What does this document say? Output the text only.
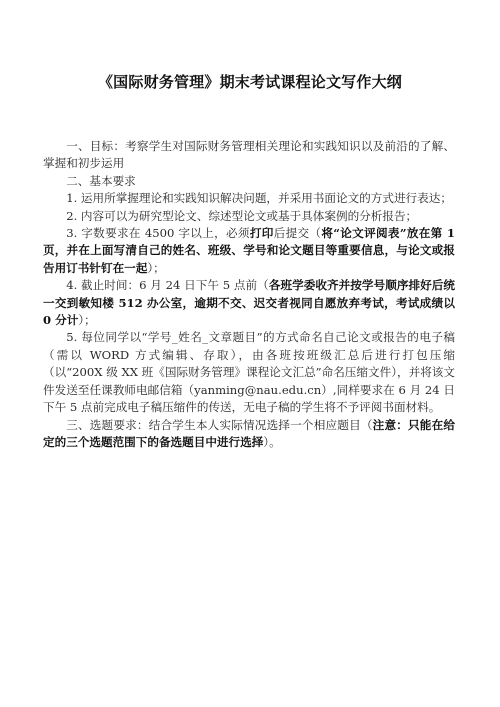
《国际财务管理》期末考试课程论文写作大纲

一、目标：考察学生对国际财务管理相关理论和实践知识以及前沿的了解、掌握和初步运用

二、基本要求

1. 运用所掌握理论和实践知识解决问题，并采用书面论文的方式进行表达；

2. 内容可以为研究型论文、综述型论文或基于具体案例的分析报告；

3. 字数要求在 4500 字以上，必须打印后提交（将“论文评阅表”放在第 1 页，并在上面写清自己的姓名、班级、学号和论文题目等重要信息，与论文或报告用订书针钉在一起）；

4. 截止时间：6 月 24 日下午 5 点前（各班学委收齐并按学号顺序排好后统一交到敏知楼 512 办公室，逾期不交、迟交者视同自愿放弃考试，考试成绩以 0 分计）；

5. 每位同学以“学号_姓名_文章题目”的方式命名自己论文或报告的电子稿（需以 WORD 方式编辑、存取），由各班按班级汇总后进行打包压缩（以“200X 级 XX 班《国际财务管理》课程论文汇总”命名压缩文件），并将该文件发送至任课教师电邮信箱（yanming@nau.edu.cn）,同样要求在 6 月 24 日下午 5 点前完成电子稿压缩件的传送，无电子稿的学生将不予评阅书面材料。

三、选题要求：结合学生本人实际情况选择一个相应题目（注意：只能在给定的三个选题范围下的备选题目中进行选择）。
